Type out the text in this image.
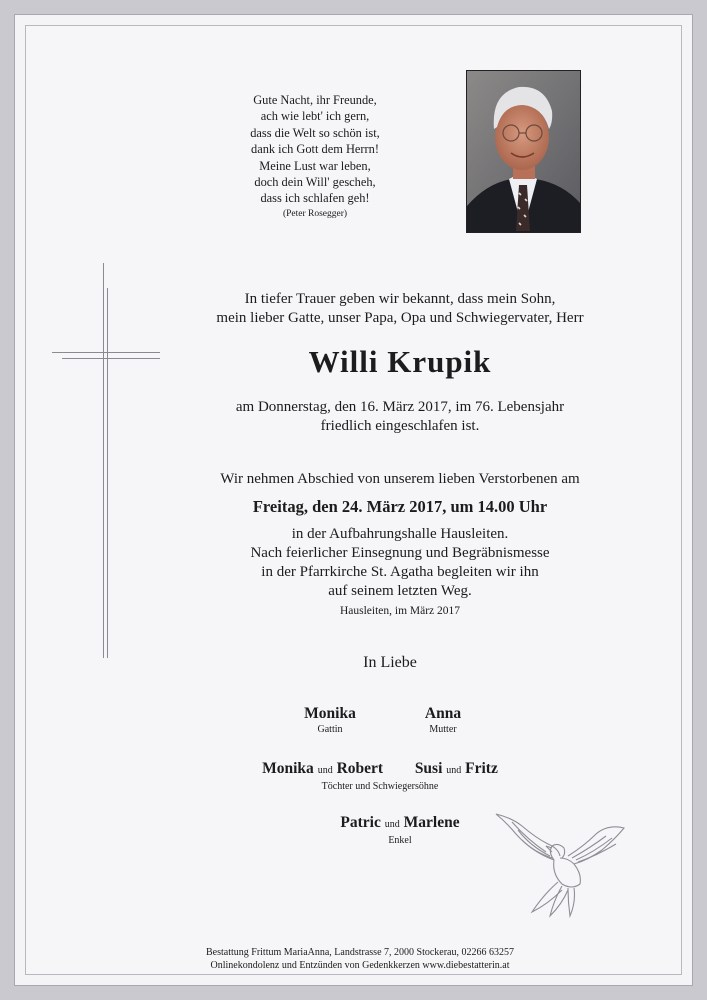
Gute Nacht, ihr Freunde,
ach wie lebt' ich gern,
dass die Welt so schön ist,
dank ich Gott dem Herrn!
Meine Lust war leben,
doch dein Will' gescheh,
dass ich schlafen geh!
(Peter Rosegger)
In tiefer Trauer geben wir bekannt, dass mein Sohn,
mein lieber Gatte, unser Papa, Opa und Schwiegervater, Herr
Willi Krupik
am Donnerstag, den 16. März 2017, im 76. Lebensjahr
friedlich eingeschlafen ist.
Wir nehmen Abschied von unserem lieben Verstorbenen am
Freitag, den 24. März 2017, um 14.00 Uhr
in der Aufbahrungshalle Hausleiten.
Nach feierlicher Einsegnung und Begräbnismesse
in der Pfarrkirche St. Agatha begleiten wir ihn
auf seinem letzten Weg.
Hausleiten, im März 2017
In Liebe
Monika
Gattin
Anna
Mutter
Monika und Robert Susi und Fritz
Töchter und Schwiegersöhne
Patric und Marlene
Enkel
Bestattung Frittum MariaAnna, Landstrasse 7, 2000 Stockerau, 02266 63257
Onlinekondolenz und Entzünden von Gedenkkerzen www.diebestatterin.at
